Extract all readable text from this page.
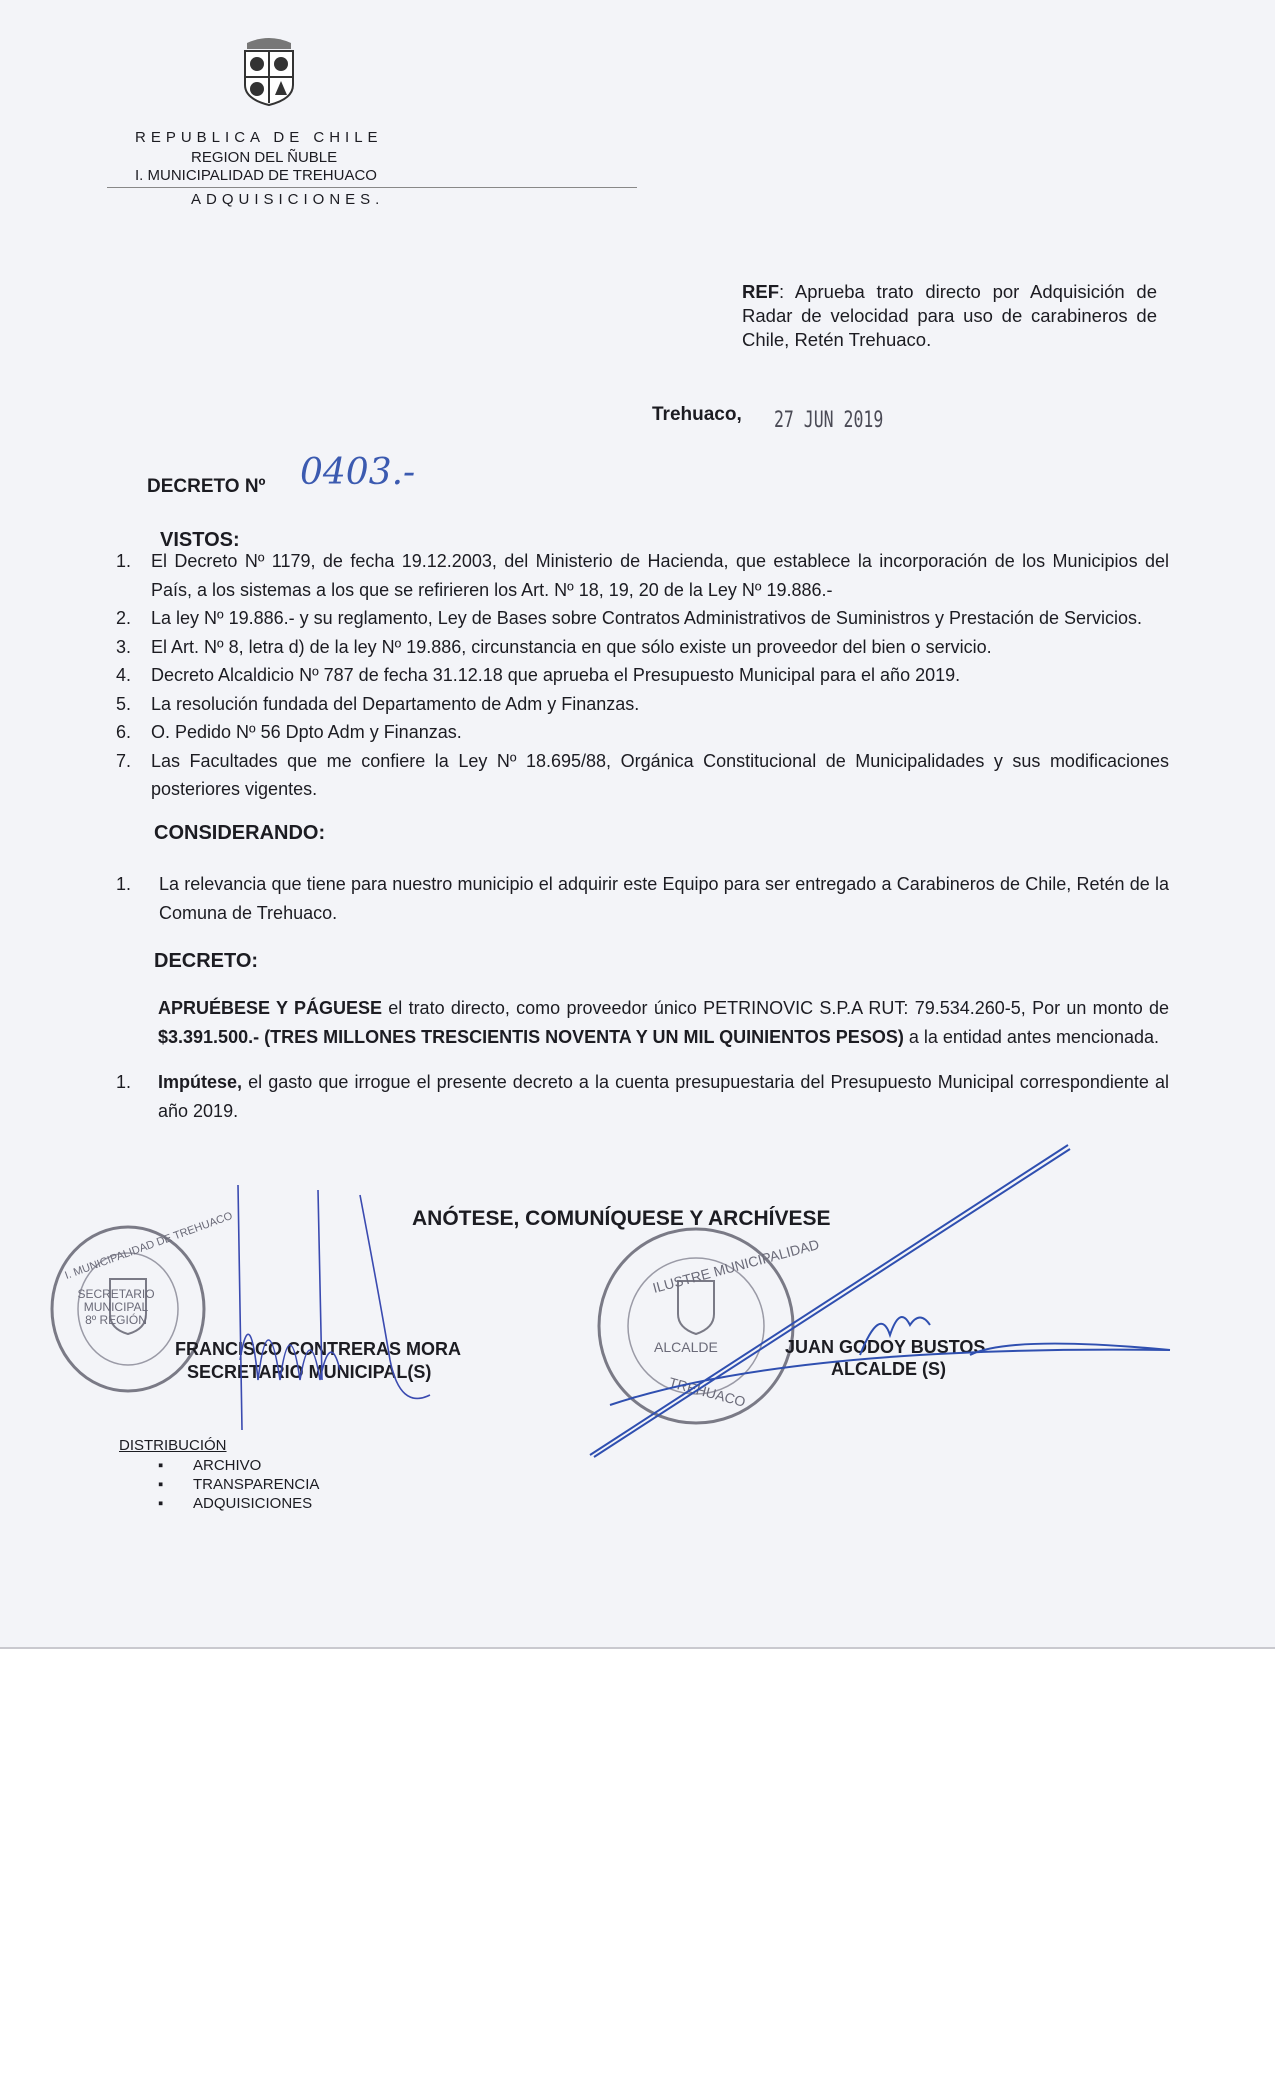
REPUBLICA DE CHILE
REGION DEL ÑUBLE
I. MUNICIPALIDAD DE TREHUACO
ADQUISICIONES.
REF: Aprueba trato directo por Adquisición de Radar de velocidad para uso de carabineros de Chile, Retén Trehuaco.
Trehuaco, 27 JUN 2019
DECRETO Nº 0403.-
VISTOS:
1. El Decreto Nº 1179, de fecha 19.12.2003, del Ministerio de Hacienda, que establece la incorporación de los Municipios del País, a los sistemas a los que se refirieren los Art. Nº 18, 19, 20 de la Ley Nº 19.886.-
2. La ley Nº 19.886.- y su reglamento, Ley de Bases sobre Contratos Administrativos de Suministros y Prestación de Servicios.
3. El Art. Nº 8, letra d) de la ley Nº 19.886, circunstancia en que sólo existe un proveedor del bien o servicio.
4. Decreto Alcaldicio Nº 787 de fecha 31.12.18 que aprueba el Presupuesto Municipal para el año 2019.
5. La resolución fundada del Departamento de Adm y Finanzas.
6. O. Pedido Nº 56 Dpto Adm y Finanzas.
7. Las Facultades que me confiere la Ley Nº 18.695/88, Orgánica Constitucional de Municipalidades y sus modificaciones posteriores vigentes.
CONSIDERANDO:
1. La relevancia que tiene para nuestro municipio el adquirir este Equipo para ser entregado a Carabineros de Chile, Retén de la Comuna de Trehuaco.
DECRETO:
APRUÉBESE Y PÁGUESE el trato directo, como proveedor único PETRINOVIC S.P.A RUT: 79.534.260-5, Por un monto de $3.391.500.- (TRES MILLONES TRESCIENTIS NOVENTA Y UN MIL QUINIENTOS PESOS) a la entidad antes mencionada.
1. Impútese, el gasto que irrogue el presente decreto a la cuenta presupuestaria del Presupuesto Municipal correspondiente al año 2019.
ANÓTESE, COMUNÍQUESE Y ARCHÍVESE
SECRETARIO MUNICIPAL
8º REGIÓN
I. MUNICIPALIDAD DE TREHUACO	ILUSTRE MUNICIPALIDAD
ALCALDE
TREHUACO
FRANCISCO CONTRERAS MORA
SECRETARIO MUNICIPAL(S)
JUAN GODOY BUSTOS
ALCALDE (S)
DISTRIBUCIÓN
▪ ARCHIVO
▪ TRANSPARENCIA
▪ ADQUISICIONES
